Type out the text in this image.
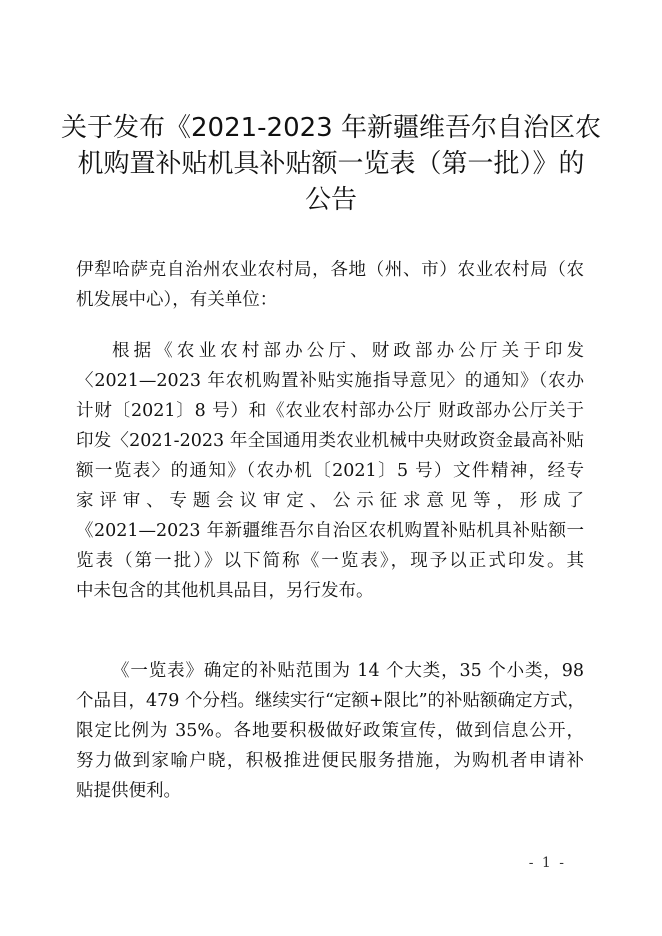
关于发布《2021-2023 年新疆维吾尔自治区农
机购置补贴机具补贴额一览表（第一批）》的
公告
伊犁哈萨克自治州农业农村局，各地（州、市）农业农村局（农
机发展中心），有关单位：
根据《农业农村部办公厅、财政部办公厅关于印发
〈2021—2023 年农机购置补贴实施指导意见〉的通知》（农办
计财〔2021〕8 号）和《农业农村部办公厅 财政部办公厅关于
印发〈2021-2023 年全国通用类农业机械中央财政资金最高补贴
额一览表〉的通知》（农办机〔2021〕5 号）文件精神，经专
家评审、专题会议审定、公示征求意见等，形成了
《2021—2023 年新疆维吾尔自治区农机购置补贴机具补贴额一
览表（第一批）》以下简称《一览表》，现予以正式印发。其
中未包含的其他机具品目，另行发布。
《一览表》确定的补贴范围为 14 个大类，35 个小类，98
个品目，479 个分档。继续实行“定额+限比”的补贴额确定方式，
限定比例为 35%。各地要积极做好政策宣传，做到信息公开，
努力做到家喻户晓，积极推进便民服务措施，为购机者申请补
贴提供便利。
- 1 -
